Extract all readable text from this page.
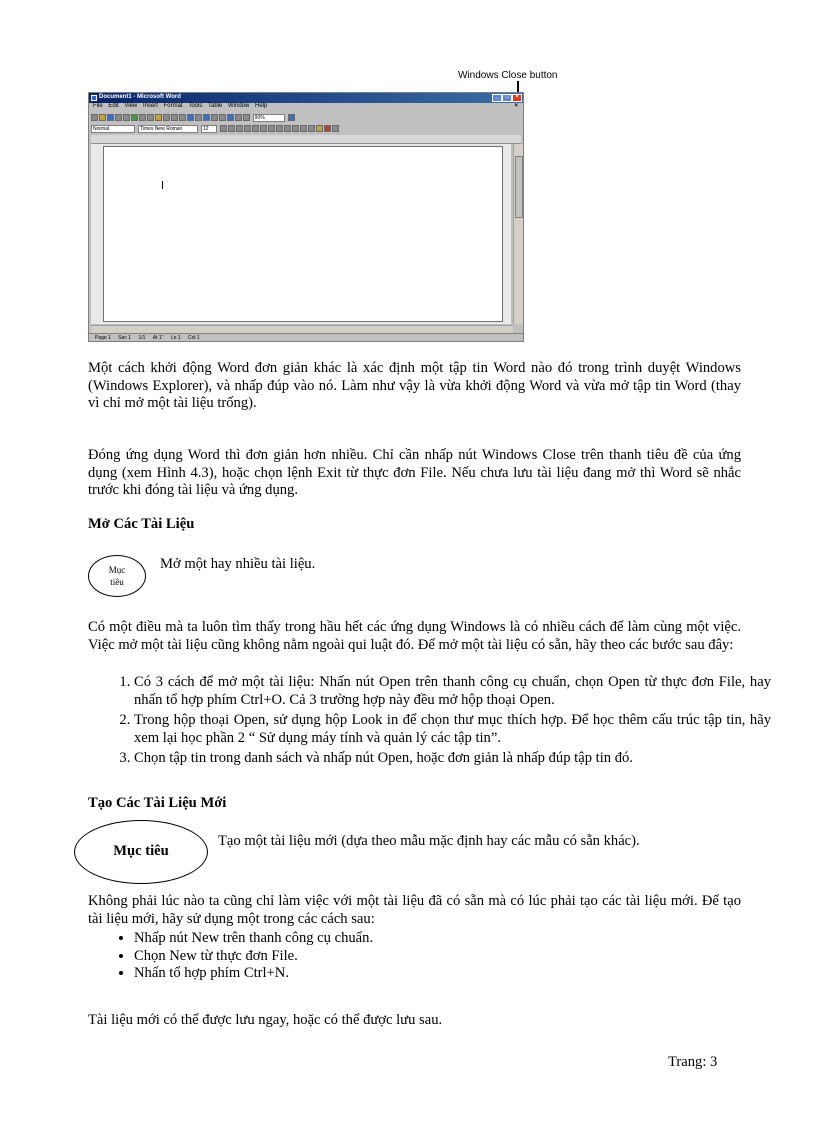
Windows Close button
Document1 - Microsoft Word	_	□	×
File Edit View Insert Format Tools Table Window Help	×
90%
Normal	Times New Roman	12
Page 1 Sec 1 1/1 At 1" Ln 1 Col 1

Một cách khởi động Word đơn giản khác là xác định một tập tin Word nào đó trong trình duyệt Windows (Windows Explorer), và nhấp đúp vào nó. Làm như vậy là vừa khởi động Word và vừa mở tập tin Word (thay vì chỉ mở một tài liệu trống).

Đóng ứng dụng Word thì đơn giản hơn nhiều. Chỉ cần nhấp nút Windows Close trên thanh tiêu đề của ứng dụng (xem Hình 4.3), hoặc chọn lệnh Exit từ thực đơn File. Nếu chưa lưu tài liệu đang mở thì Word sẽ nhắc trước khi đóng tài liệu và ứng dụng.

Mở Các Tài Liệu

Mục
tiêu

Mở một hay nhiều tài liệu.

Có một điều mà ta luôn tìm thấy trong hầu hết các ứng dụng Windows là có nhiều cách để làm cùng một việc. Việc mở một tài liệu cũng không nằm ngoài qui luật đó. Để mở một tài liệu có sẵn, hãy theo các bước sau đây:

1. Có 3 cách để mở một tài liệu: Nhấn nút Open trên thanh công cụ chuẩn, chọn Open từ thực đơn File, hay nhấn tổ hợp phím Ctrl+O. Cả 3 trường hợp này đều mở hộp thoại Open.
2. Trong hộp thoại Open, sử dụng hộp Look in để chọn thư mục thích hợp. Để học thêm cấu trúc tập tin, hãy xem lại học phần 2 “ Sử dụng máy tính và quản lý các tập tin”.
3. Chọn tập tin trong danh sách và nhấp nút Open, hoặc đơn giản là nhấp đúp tập tin đó.

Tạo Các Tài Liệu Mới

Mục tiêu

Tạo một tài liệu mới (dựa theo mẫu mặc định hay các mẫu có sẵn khác).

Không phải lúc nào ta cũng chỉ làm việc với một tài liệu đã có sẵn mà có lúc phải tạo các tài liệu mới. Để tạo tài liệu mới, hãy sử dụng một trong các cách sau:

• Nhấp nút New trên thanh công cụ chuẩn.
• Chọn New từ thực đơn File.
• Nhấn tổ hợp phím Ctrl+N.

Tài liệu mới có thể được lưu ngay, hoặc có thể được lưu sau.

Trang: 3
